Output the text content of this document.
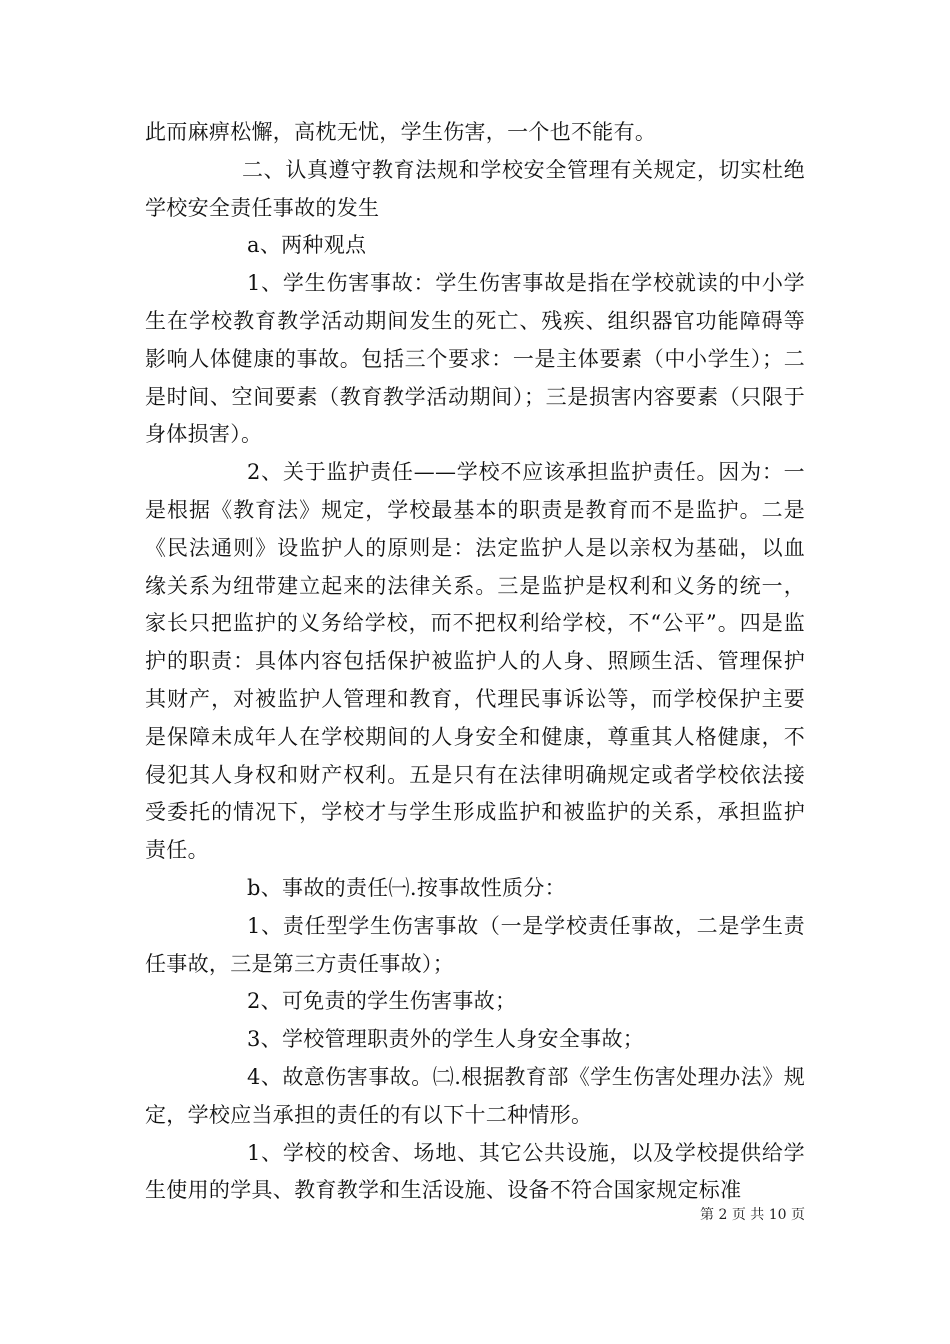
此而麻痹松懈，高枕无忧，学生伤害，一个也不能有。

二、认真遵守教育法规和学校安全管理有关规定，切实杜绝学校安全责任事故的发生

a、两种观点

1、学生伤害事故：学生伤害事故是指在学校就读的中小学生在学校教育教学活动期间发生的死亡、残疾、组织器官功能障碍等影响人体健康的事故。包括三个要求：一是主体要素（中小学生）；二是时间、空间要素（教育教学活动期间）；三是损害内容要素（只限于身体损害）。

2、关于监护责任——学校不应该承担监护责任。因为：一是根据《教育法》规定，学校最基本的职责是教育而不是监护。二是《民法通则》设监护人的原则是：法定监护人是以亲权为基础，以血缘关系为纽带建立起来的法律关系。三是监护是权利和义务的统一，家长只把监护的义务给学校，而不把权利给学校，不“公平”。四是监护的职责：具体内容包括保护被监护人的人身、照顾生活、管理保护其财产，对被监护人管理和教育，代理民事诉讼等，而学校保护主要是保障未成年人在学校期间的人身安全和健康，尊重其人格健康，不侵犯其人身权和财产权利。五是只有在法律明确规定或者学校依法接受委托的情况下，学校才与学生形成监护和被监护的关系，承担监护责任。

b、事故的责任㈠.按事故性质分：

1、责任型学生伤害事故（一是学校责任事故，二是学生责任事故，三是第三方责任事故）；

2、可免责的学生伤害事故；

3、学校管理职责外的学生人身安全事故；

4、故意伤害事故。㈡.根据教育部《学生伤害处理办法》规定，学校应当承担的责任的有以下十二种情形。

1、学校的校舍、场地、其它公共设施，以及学校提供给学生使用的学具、教育教学和生活设施、设备不符合国家规定标准

第 2 页 共 10 页
